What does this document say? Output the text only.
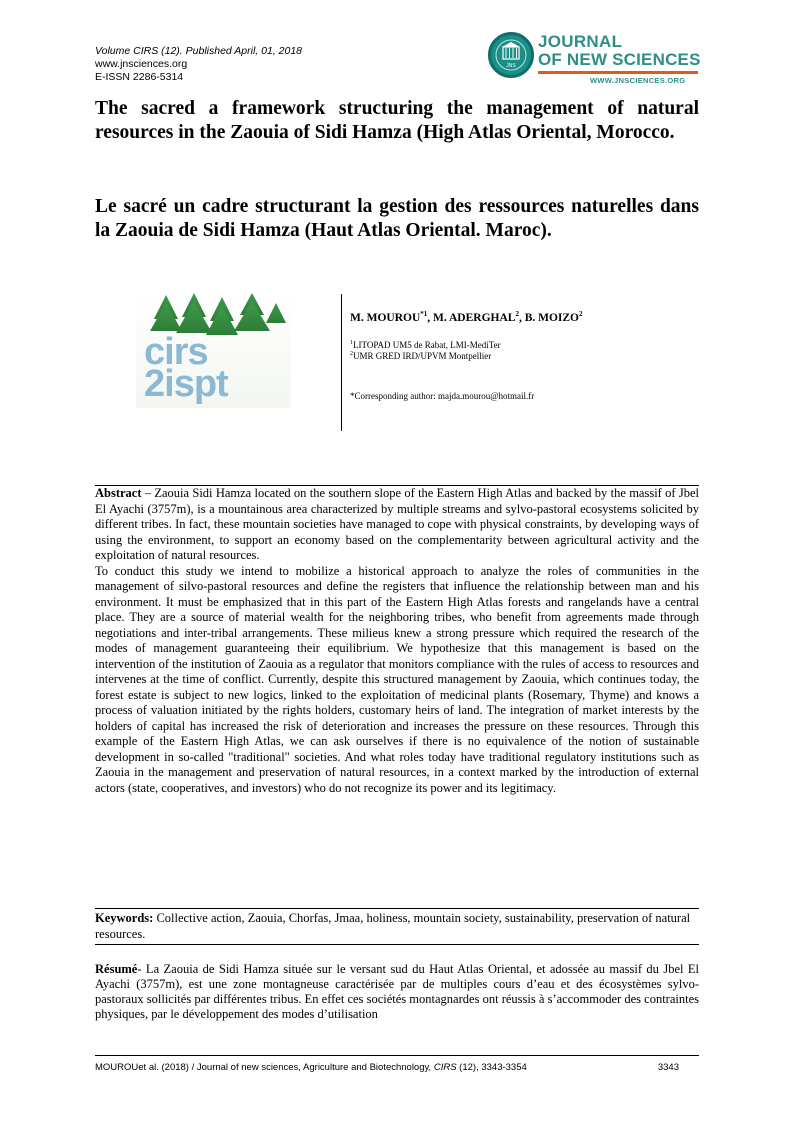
Volume CIRS (12). Published April, 01, 2018
www.jnsciences.org
E-ISSN 2286-5314
JNS
JOURNAL
OF NEW SCIENCES
WWW.JNSCIENCES.ORG
The sacred a framework structuring the management of natural resources in the Zaouia of Sidi Hamza (High Atlas Oriental, Morocco.
Le sacré un cadre structurant la gestion des ressources naturelles dans la Zaouia de Sidi Hamza (Haut Atlas Oriental. Maroc).
cirs
2ispt
M. MOUROU$^{*1}$, M. ADERGHAL$^2$, B. MOIZO$^2$
$^1$LITOPAD UM5 de Rabat, LMI-MediTer
$^2$UMR GRED IRD/UPVM Montpellier
*Corresponding author: majda.mourou@hotmail.fr

Abstract – Zaouia Sidi Hamza located on the southern slope of the Eastern High Atlas and backed by the massif of Jbel El Ayachi (3757m), is a mountainous area characterized by multiple streams and sylvo-pastoral ecosystems solicited by different tribes. In fact, these mountain societies have managed to cope with physical constraints, by developing ways of using the environment, to support an economy based on the complementarity between agricultural activity and the exploitation of natural resources.

To conduct this study we intend to mobilize a historical approach to analyze the roles of communities in the management of silvo-pastoral resources and define the registers that influence the relationship between man and his environment. It must be emphasized that in this part of the Eastern High Atlas forests and rangelands have a central place. They are a source of material wealth for the neighboring tribes, who benefit from agreements made through negotiations and inter-tribal arrangements. These milieus knew a strong pressure which required the research of the modes of management guaranteeing their equilibrium. We hypothesize that this management is based on the intervention of the institution of Zaouia as a regulator that monitors compliance with the rules of access to resources and intervenes at the time of conflict. Currently, despite this structured management by Zaouia, which continues today, the forest estate is subject to new logics, linked to the exploitation of medicinal plants (Rosemary, Thyme) and knows a process of valuation initiated by the rights holders, customary heirs of land. The integration of market interests by the holders of capital has increased the risk of deterioration and increases the pressure on these resources. Through this example of the Eastern High Atlas, we can ask ourselves if there is no equivalence of the notion of sustainable development in so-called "traditional" societies. And what roles today have traditional regulatory institutions such as Zaouia in the management and preservation of natural resources, in a context marked by the introduction of external actors (state, cooperatives, and investors) who do not recognize its power and its legitimacy.

Keywords: Collective action, Zaouia, Chorfas, Jmaa, holiness, mountain society, sustainability, preservation of natural resources.
Résumé- La Zaouia de Sidi Hamza située sur le versant sud du Haut Atlas Oriental, et adossée au massif du Jbel El Ayachi (3757m), est une zone montagneuse caractérisée par de multiples cours d’eau et des écosystèmes sylvo-pastoraux sollicités par différentes tribus. En effet ces sociétés montagnardes ont réussis à s’accommoder des contraintes physiques, par le développement des modes d’utilisation
MOUROUet al. (2018) / Journal of new sciences, Agriculture and Biotechnology, CIRS (12), 3343-3354	3343
